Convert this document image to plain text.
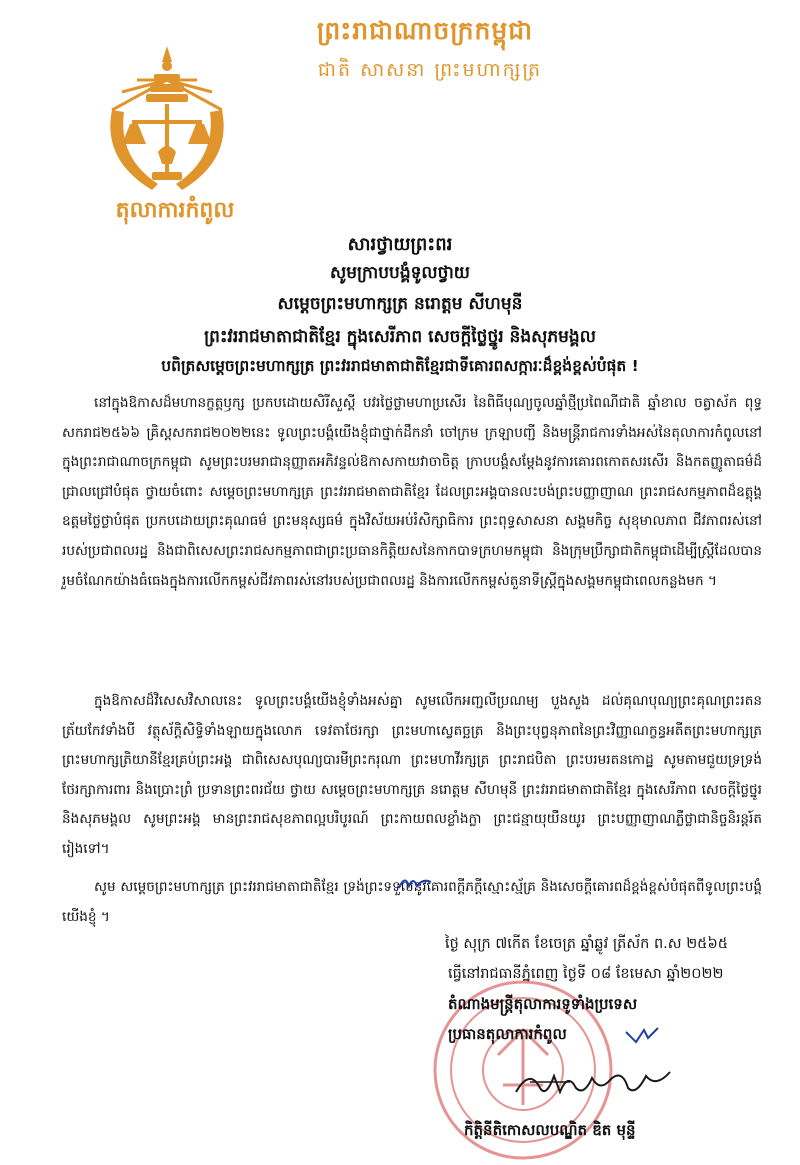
ព្រះរាជាណាចក្រកម្ពុជា
ជាតិ សាសនា ព្រះមហាក្សត្រ
តុលាការកំពូល
សារថ្វាយព្រះពរ
សូមក្រាបបង្គំទូលថ្វាយ
សម្តេចព្រះមហាក្សត្រ នរោត្តម សីហមុនី
ព្រះវររាជមាតាជាតិខ្មែរ ក្នុងសេរីភាព សេចក្តីថ្លៃថ្នូរ និងសុភមង្គល
បពិត្រសម្តេចព្រះមហាក្សត្រ ព្រះវររាជមាតាជាតិខ្មែរជាទីគោរពសក្ការៈដ៏ខ្ពង់ខ្ពស់បំផុត !

នៅក្នុងឱកាសដ៏មហានក្ខត្តឫក្ស ប្រកបដោយសិរីសួស្តី បវរថ្លៃថ្លាមហាប្រសើរ នៃពិធីបុណ្យចូលឆ្នាំថ្មីប្រពៃណីជាតិ ឆ្នាំខាល ចត្វាស័ក ពុទ្ធសករាជ២៥៦៦ គ្រិស្តសករាជ២០២២នេះ ទូលព្រះបង្គំយើងខ្ញុំជាថ្នាក់ដឹកនាំ ចៅក្រម ក្រឡាបញ្ជី និងមន្ត្រីរាជការទាំងអស់នៃតុលាការកំពូលនៅក្នុងព្រះរាជាណាចក្រកម្ពុជា សូមព្រះបរមរាជានុញ្ញាតអភិវន្ទល់ឱកាសកាយវាចាចិត្ត ក្រាបបង្គំសម្តែងនូវការគោរពកោតសរសើរ និងកតញ្ញូតាធម៌ដ៏ជ្រាលជ្រៅបំផុត ថ្វាយចំពោះ សម្តេចព្រះមហាក្សត្រ ព្រះវររាជមាតាជាតិខ្មែរ ដែលព្រះអង្គបានលះបង់ព្រះបញ្ញាញាណ ព្រះរាជសកម្មភាពដ៏ឧត្តុង្គឧត្តមថ្លៃថ្លាបំផុត ប្រកបដោយព្រះគុណធម៌ ព្រះមនុស្សធម៌ ក្នុងវិស័យអប់រំសិក្សាធិការ ព្រះពុទ្ធសាសនា សង្គមកិច្ច សុខុមាលភាព ជីវភាពរស់នៅរបស់ប្រជាពលរដ្ឋ និងជាពិសេសព្រះរាជសកម្មភាពជាព្រះប្រធានកិត្តិយសនៃកាកបាទក្រហមកម្ពុជា និងក្រុមប្រឹក្សាជាតិកម្ពុជាដើម្បីស្ត្រីដែលបានរួមចំណែកយ៉ាងធំធេងក្នុងការលើកកម្ពស់ជីវភាពរស់នៅរបស់ប្រជាពលរដ្ឋ និងការលើកកម្ពស់តួនាទីស្ត្រីក្នុងសង្គមកម្ពុជាពេលកន្លងមក ។

ក្នុងឱកាសដ៏វិសេសវិសាលនេះ ទូលព្រះបង្គំយើងខ្ញុំទាំងអស់គ្នា សូមលើកអញ្ជលីប្រណម្យ បួងសួង ដល់គុណបុណ្យព្រះគុណព្រះរតនត្រ័យកែវទាំងបី វត្ថុស័ក្តិសិទ្ធិទាំងឡាយក្នុងលោក ទេវតាថែរក្សា ព្រះមហាស្វេតច្ឆត្រ និងព្រះបុព្វនុភាពនៃព្រះវិញ្ញាណក្ខន្ធអតីតព្រះមហាក្សត្រ ព្រះមហាក្សត្រិយានីខ្មែរគ្រប់ព្រះអង្គ ជាពិសេសបុណ្យបារមីព្រះករុណា ព្រះមហាវីរក្សត្រ ព្រះរាជបិតា ព្រះបរមរតនកោដ្ឋ សូមតាមជួយទ្រទ្រង់ថែរក្សាការពារ និងប្រោះព្រំ ប្រទានព្រះពរជ័យ ថ្វាយ សម្តេចព្រះមហាក្សត្រ នរោត្តម សីហមុនី ព្រះវររាជមាតាជាតិខ្មែរ ក្នុងសេរីភាព សេចក្តីថ្លៃថ្នូរ និងសុភមង្គល សូមព្រះអង្គ មានព្រះរាជសុខភាពល្អបរិបូរណ៍ ព្រះកាយពលខ្លាំងក្លា ព្រះជន្មាយុយឺនយូរ ព្រះបញ្ញាញាណភ្លឺថ្លាជានិច្ចនិរន្តរ៍តរៀងទៅ។

សូម សម្តេចព្រះមហាក្សត្រ ព្រះវររាជមាតាជាតិខ្មែរ ទ្រង់ព្រះទទួលនូវគោរពក្តីភក្តីស្មោះស្ម័គ្រ និងសេចក្តីគោរពដ៏ខ្ពង់ខ្ពស់បំផុតពីទូលព្រះបង្គំយើងខ្ញុំ ។

ថ្ងៃ សុក្រ ៧កើត ខែចេត្រ ឆ្នាំឆ្លូវ ត្រីស័ក ព.ស ២៥៦៥
ធ្វើនៅរាជធានីភ្នំពេញ ថ្ងៃទី ០៨ ខែមេសា ឆ្នាំ២០២២
តំណាងមន្ត្រីតុលាការទូទាំងប្រទេស
ប្រធានតុលាការកំពូល
កិត្តិនីតិកោសលបណ្ឌិត ឌិត មុន្ទី
